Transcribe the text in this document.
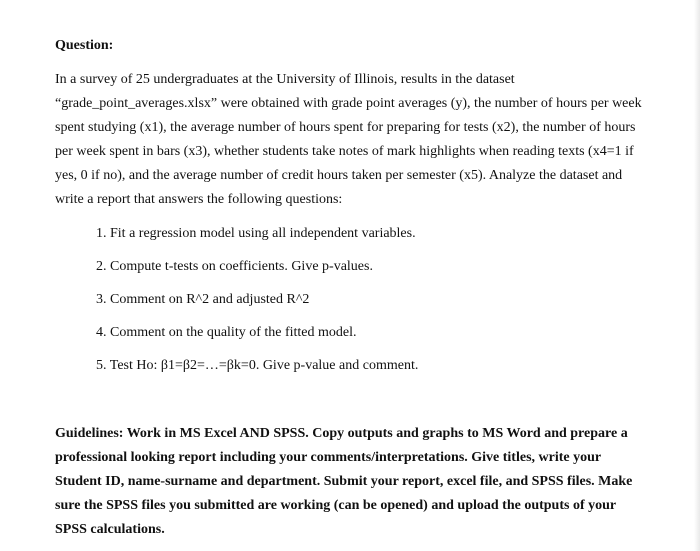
Question:
In a survey of 25 undergraduates at the University of Illinois, results in the dataset
“grade_point_averages.xlsx” were obtained with grade point averages (y), the number of hours per week
spent studying (x1), the average number of hours spent for preparing for tests (x2), the number of hours
per week spent in bars (x3), whether students take notes of mark highlights when reading texts (x4=1 if
yes, 0 if no), and the average number of credit hours taken per semester (x5). Analyze the dataset and
write a report that answers the following questions:
1. Fit a regression model using all independent variables.
2. Compute t-tests on coefficients. Give p-values.
3. Comment on R^2 and adjusted R^2
4. Comment on the quality of the fitted model.
5. Test Ho: β1=β2=…=βk=0. Give p-value and comment.
Guidelines: Work in MS Excel AND SPSS. Copy outputs and graphs to MS Word and prepare a
professional looking report including your comments/interpretations. Give titles, write your
Student ID, name-surname and department. Submit your report, excel file, and SPSS files. Make
sure the SPSS files you submitted are working (can be opened) and upload the outputs of your
SPSS calculations.
